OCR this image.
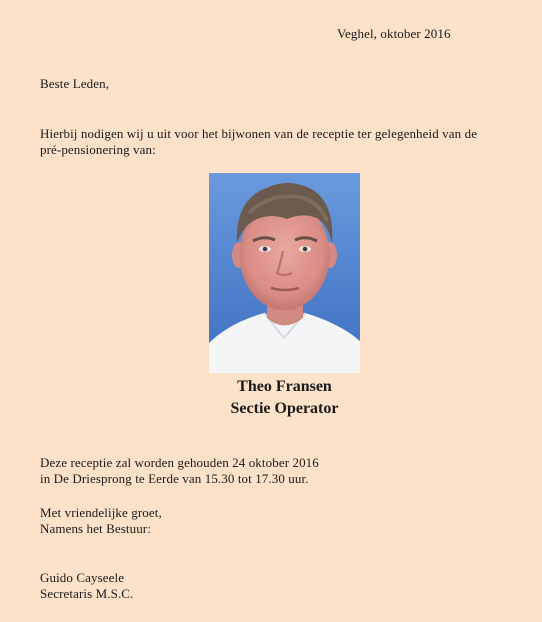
Veghel, oktober 2016
Beste Leden,
Hierbij nodigen wij u uit voor het bijwonen van de receptie ter gelegenheid van de
pré-pensionering van:
Theo Fransen
Sectie Operator
Deze receptie zal worden gehouden 24 oktober 2016
in De Driesprong te Eerde van 15.30 tot 17.30 uur.
Met vriendelijke groet,
Namens het Bestuur:
Guido Cayseele
Secretaris M.S.C.
